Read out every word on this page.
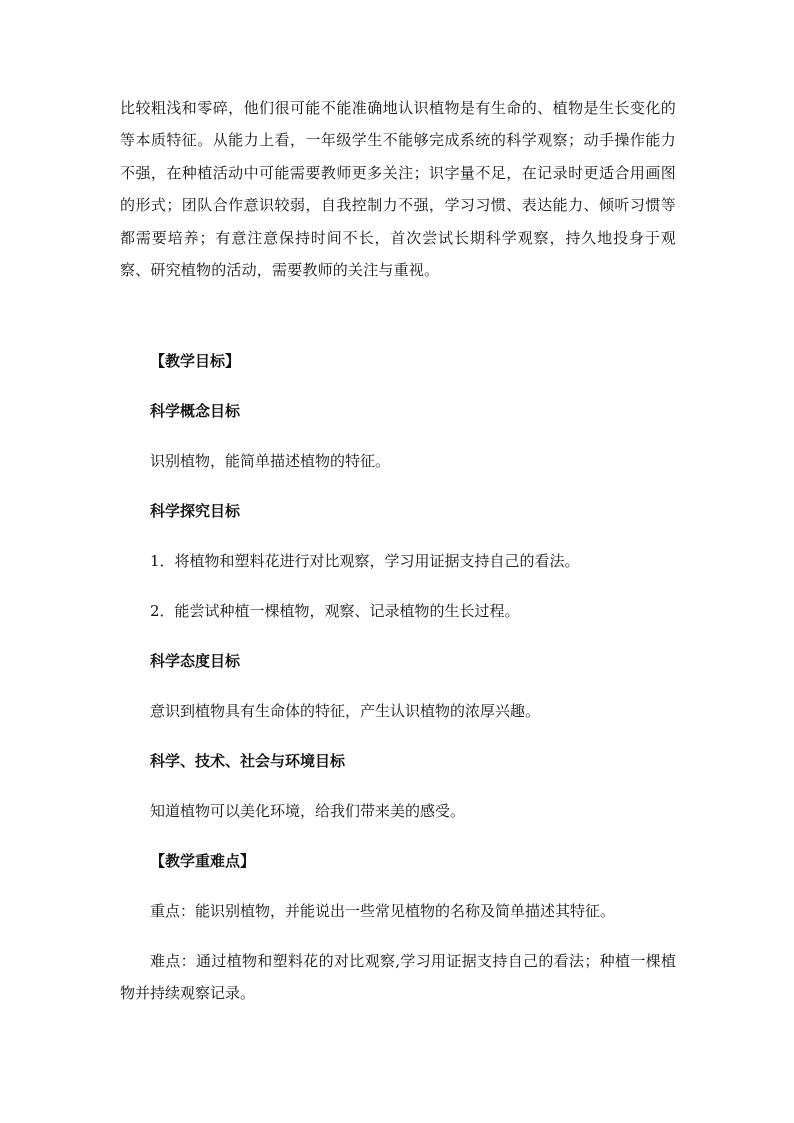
比较粗浅和零碎，他们很可能不能准确地认识植物是有生命的、植物是生长变化的等本质特征。从能力上看，一年级学生不能够完成系统的科学观察；动手操作能力不强，在种植活动中可能需要教师更多关注；识字量不足，在记录时更适合用画图的形式；团队合作意识较弱，自我控制力不强，学习习惯、表达能力、倾听习惯等都需要培养；有意注意保持时间不长，首次尝试长期科学观察，持久地投身于观察、研究植物的活动，需要教师的关注与重视。

【教学目标】

科学概念目标

识别植物，能简单描述植物的特征。

科学探究目标

1．将植物和塑料花进行对比观察，学习用证据支持自己的看法。

2．能尝试种植一棵植物，观察、记录植物的生长过程。

科学态度目标

意识到植物具有生命体的特征，产生认识植物的浓厚兴趣。

科学、技术、社会与环境目标

知道植物可以美化环境，给我们带来美的感受。

【教学重难点】

重点：能识别植物，并能说出一些常见植物的名称及简单描述其特征。

难点：通过植物和塑料花的对比观察,学习用证据支持自己的看法；种植一棵植物并持续观察记录。
